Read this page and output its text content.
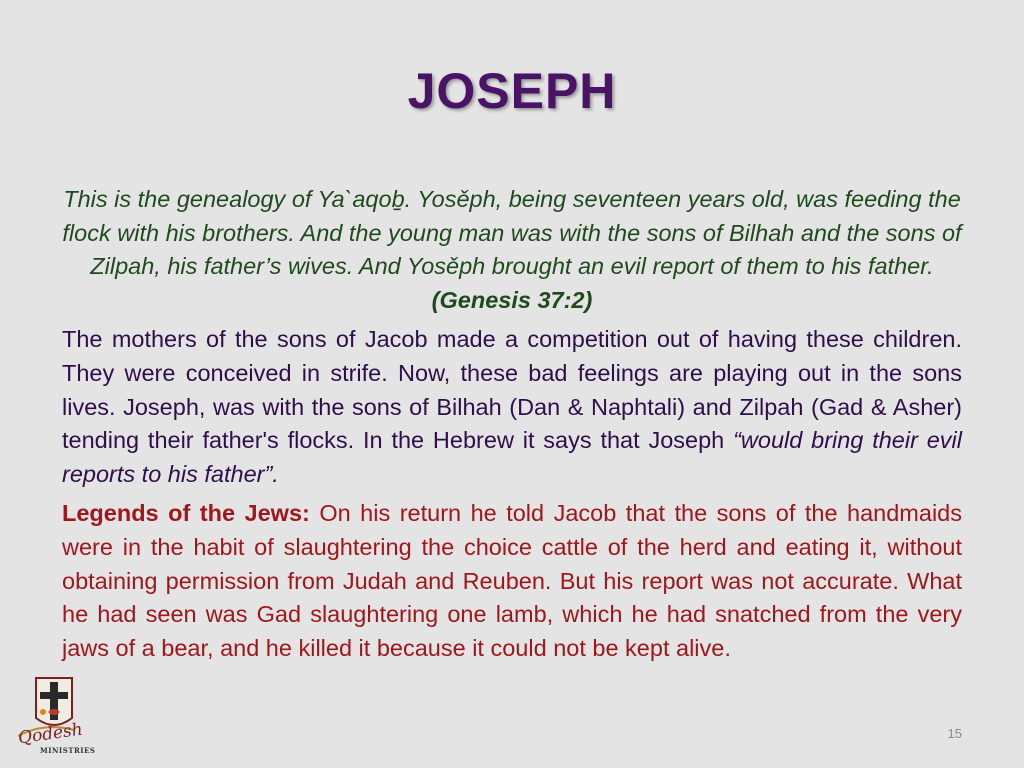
JOSEPH

This is the genealogy of Ya`aqoḇ. Yosěph, being seventeen years old, was feeding the flock with his brothers. And the young man was with the sons of Bilhah and the sons of Zilpah, his father’s wives. And Yosěph brought an evil report of them to his father. (Genesis 37:2)

The mothers of the sons of Jacob made a competition out of having these children. They were conceived in strife. Now, these bad feelings are playing out in the sons lives. Joseph, was with the sons of Bilhah (Dan & Naphtali) and Zilpah (Gad & Asher) tending their father's flocks. In the Hebrew it says that Joseph “would bring their evil reports to his father”.

Legends of the Jews: On his return he told Jacob that the sons of the handmaids were in the habit of slaughtering the choice cattle of the herd and eating it, without obtaining permission from Judah and Reuben. But his report was not accurate. What he had seen was Gad slaughtering one lamb, which he had snatched from the very jaws of a bear, and he killed it because it could not be kept alive.

Qodesh
MINISTRIES
15
